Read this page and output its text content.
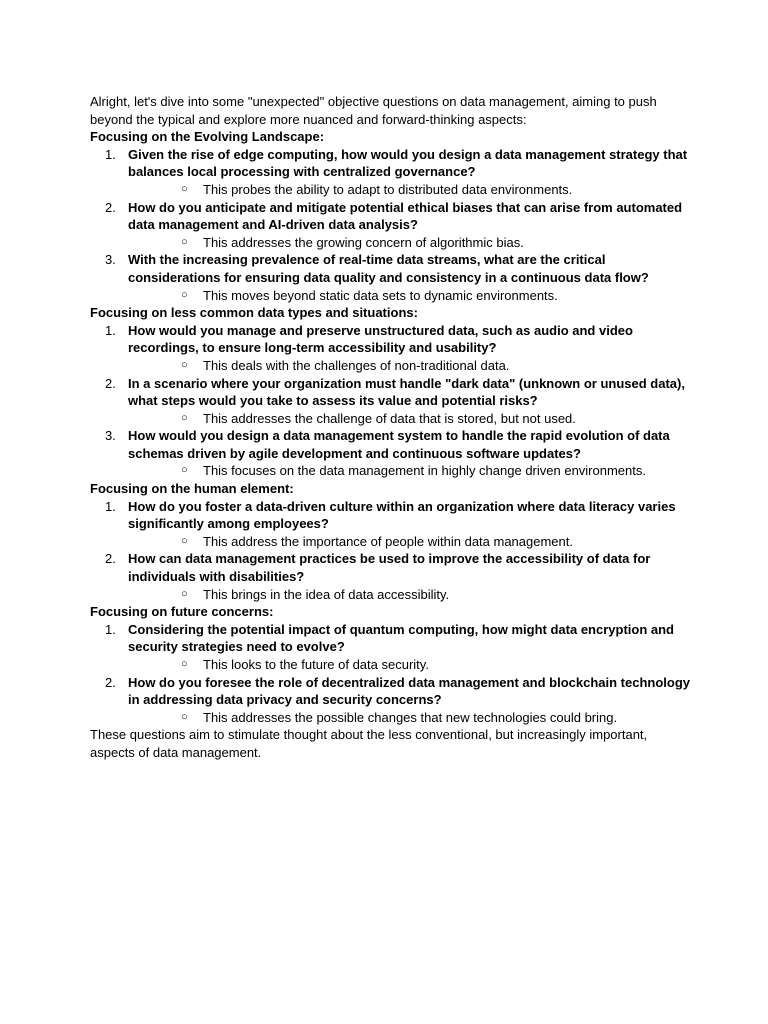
Alright, let's dive into some "unexpected" objective questions on data management, aiming to push beyond the typical and explore more nuanced and forward-thinking aspects:

Focusing on the Evolving Landscape:

1. Given the rise of edge computing, how would you design a data management strategy that balances local processing with centralized governance?
○ This probes the ability to adapt to distributed data environments.
2. How do you anticipate and mitigate potential ethical biases that can arise from automated data management and AI-driven data analysis?
○ This addresses the growing concern of algorithmic bias.
3. With the increasing prevalence of real-time data streams, what are the critical considerations for ensuring data quality and consistency in a continuous data flow?
○ This moves beyond static data sets to dynamic environments.

Focusing on less common data types and situations:

1. How would you manage and preserve unstructured data, such as audio and video recordings, to ensure long-term accessibility and usability?
○ This deals with the challenges of non-traditional data.
2. In a scenario where your organization must handle "dark data" (unknown or unused data), what steps would you take to assess its value and potential risks?
○ This addresses the challenge of data that is stored, but not used.
3. How would you design a data management system to handle the rapid evolution of data schemas driven by agile development and continuous software updates?
○ This focuses on the data management in highly change driven environments.

Focusing on the human element:

1. How do you foster a data-driven culture within an organization where data literacy varies significantly among employees?
○ This address the importance of people within data management.
2. How can data management practices be used to improve the accessibility of data for individuals with disabilities?
○ This brings in the idea of data accessibility.

Focusing on future concerns:

1. Considering the potential impact of quantum computing, how might data encryption and security strategies need to evolve?
○ This looks to the future of data security.
2. How do you foresee the role of decentralized data management and blockchain technology in addressing data privacy and security concerns?
○ This addresses the possible changes that new technologies could bring.

These questions aim to stimulate thought about the less conventional, but increasingly important, aspects of data management.
